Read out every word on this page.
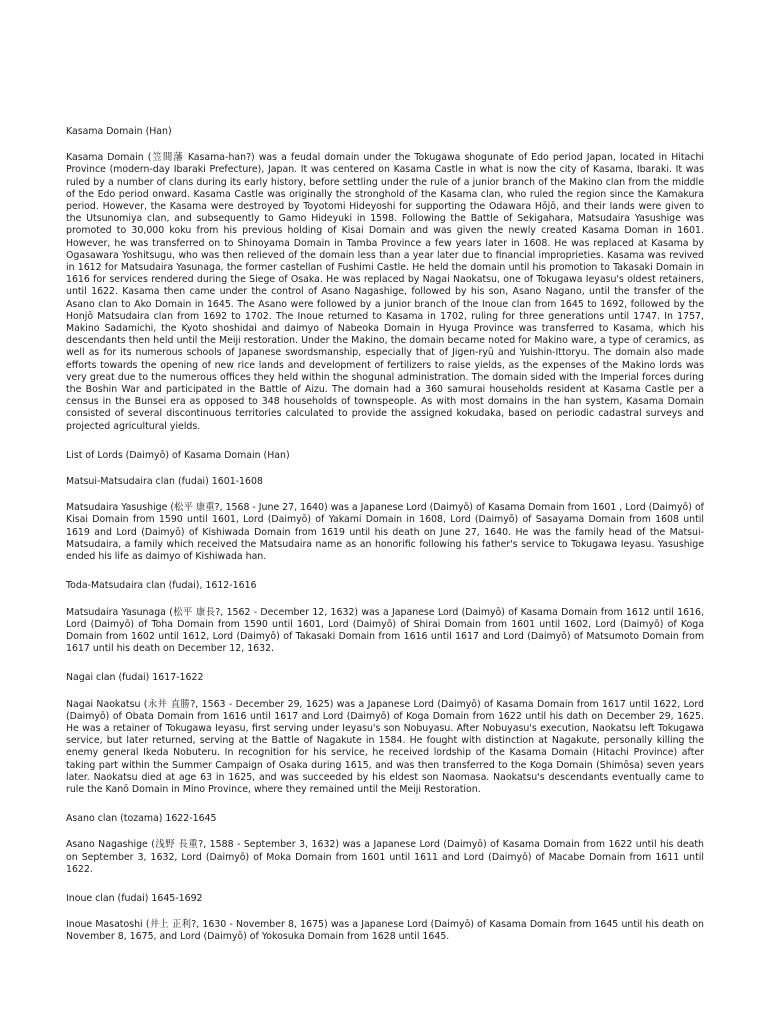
Kasama Domain (Han)

Kasama Domain (笠間藩 Kasama-han?) was a feudal domain under the Tokugawa shogunate of Edo period Japan, located in Hitachi Province (modern-day Ibaraki Prefecture), Japan. It was centered on Kasama Castle in what is now the city of Kasama, Ibaraki. It was ruled by a number of clans during its early history, before settling under the rule of a junior branch of the Makino clan from the middle of the Edo period onward. Kasama Castle was originally the stronghold of the Kasama clan, who ruled the region since the Kamakura period. However, the Kasama were destroyed by Toyotomi Hideyoshi for supporting the Odawara Hōjō, and their lands were given to the Utsunomiya clan, and subsequently to Gamo Hideyuki in 1598. Following the Battle of Sekigahara, Matsudaira Yasushige was promoted to 30,000 koku from his previous holding of Kisai Domain and was given the newly created Kasama Doman in 1601. However, he was transferred on to Shinoyama Domain in Tamba Province a few years later in 1608. He was replaced at Kasama by Ogasawara Yoshitsugu, who was then relieved of the domain less than a year later due to financial improprieties. Kasama was revived in 1612 for Matsudaira Yasunaga, the former castellan of Fushimi Castle. He held the domain until his promotion to Takasaki Domain in 1616 for services rendered during the Siege of Osaka. He was replaced by Nagai Naokatsu, one of Tokugawa Ieyasu's oldest retainers, until 1622. Kasama then came under the control of Asano Nagashige, followed by his son, Asano Nagano, until the transfer of the Asano clan to Ako Domain in 1645. The Asano were followed by a junior branch of the Inoue clan from 1645 to 1692, followed by the Honjō Matsudaira clan from 1692 to 1702. The Inoue returned to Kasama in 1702, ruling for three generations until 1747. In 1757, Makino Sadamichi, the Kyoto shoshidai and daimyo of Nabeoka Domain in Hyuga Province was transferred to Kasama, which his descendants then held until the Meiji restoration. Under the Makino, the domain became noted for Makino ware, a type of ceramics, as well as for its numerous schools of Japanese swordsmanship, especially that of Jigen-ryū and Yuishin-Ittoryu. The domain also made efforts towards the opening of new rice lands and development of fertilizers to raise yields, as the expenses of the Makino lords was very great due to the numerous offices they held within the shogunal administration. The domain sided with the Imperial forces during the Boshin War and participated in the Battle of Aizu. The domain had a 360 samurai households resident at Kasama Castle per a census in the Bunsei era as opposed to 348 households of townspeople. As with most domains in the han system, Kasama Domain consisted of several discontinuous territories calculated to provide the assigned kokudaka, based on periodic cadastral surveys and projected agricultural yields.

List of Lords (Daimyō) of Kasama Domain (Han)

Matsui-Matsudaira clan (fudai) 1601-1608

Matsudaira Yasushige (松平 康重?, 1568 - June 27, 1640) was a Japanese Lord (Daimyō) of Kasama Domain from 1601 , Lord (Daimyō) of Kisai Domain from 1590 until 1601, Lord (Daimyō) of Yakami Domain in 1608, Lord (Daimyō) of Sasayama Domain from 1608 until 1619 and Lord (Daimyō) of Kishiwada Domain from 1619 until his death on June 27, 1640. He was the family head of the Matsui-Matsudaira, a family which received the Matsudaira name as an honorific following his father's service to Tokugawa Ieyasu. Yasushige ended his life as daimyo of Kishiwada han.

Toda-Matsudaira clan (fudai), 1612-1616

Matsudaira Yasunaga (松平 康長?, 1562 - December 12, 1632) was a Japanese Lord (Daimyō) of Kasama Domain from 1612 until 1616, Lord (Daimyō) of Toha Domain from 1590 until 1601, Lord (Daimyō) of Shirai Domain from 1601 until 1602, Lord (Daimyō) of Koga Domain from 1602 until 1612, Lord (Daimyō) of Takasaki Domain from 1616 until 1617 and Lord (Daimyō) of Matsumoto Domain from 1617 until his death on December 12, 1632.

Nagai clan (fudai) 1617-1622

Nagai Naokatsu (永井 直勝?, 1563 - December 29, 1625) was a Japanese Lord (Daimyō) of Kasama Domain from 1617 until 1622, Lord (Daimyō) of Obata Domain from 1616 until 1617 and Lord (Daimyō) of Koga Domain from 1622 until his dath on December 29, 1625. He was a retainer of Tokugawa Ieyasu, first serving under Ieyasu's son Nobuyasu. After Nobuyasu's execution, Naokatsu left Tokugawa service, but later returned, serving at the Battle of Nagakute in 1584. He fought with distinction at Nagakute, personally killing the enemy general Ikeda Nobuteru. In recognition for his service, he received lordship of the Kasama Domain (Hitachi Province) after taking part within the Summer Campaign of Osaka during 1615, and was then transferred to the Koga Domain (Shimōsa) seven years later. Naokatsu died at age 63 in 1625, and was succeeded by his eldest son Naomasa. Naokatsu's descendants eventually came to rule the Kanō Domain in Mino Province, where they remained until the Meiji Restoration.

Asano clan (tozama) 1622-1645

Asano Nagashige (浅野 長重?, 1588 - September 3, 1632) was a Japanese Lord (Daimyō) of Kasama Domain from 1622 until his death on September 3, 1632, Lord (Daimyō) of Moka Domain from 1601 until 1611 and Lord (Daimyō) of Macabe Domain from 1611 until 1622.

Inoue clan (fudai) 1645-1692

Inoue Masatoshi (井上 正利?, 1630 - November 8, 1675) was a Japanese Lord (Daimyō) of Kasama Domain from 1645 until his death on November 8, 1675, and Lord (Daimyō) of Yokosuka Domain from 1628 until 1645.
